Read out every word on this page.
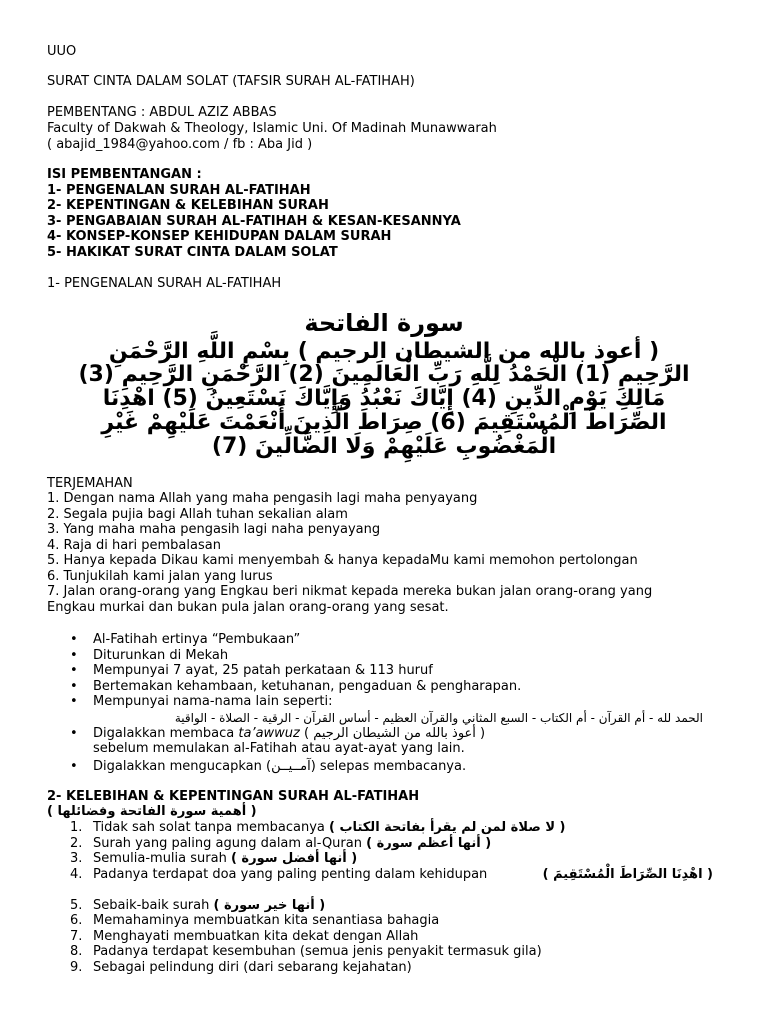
UUO
SURAT CINTA DALAM SOLAT (TAFSIR SURAH AL-FATIHAH)
PEMBENTANG : ABDUL AZIZ ABBAS
Faculty of Dakwah & Theology, Islamic Uni. Of Madinah Munawwarah
( abajid_1984@yahoo.com / fb : Aba Jid )
ISI PEMBENTANGAN :
1- PENGENALAN SURAH AL-FATIHAH
2- KEPENTINGAN & KELEBIHAN SURAH
3- PENGABAIAN SURAH AL-FATIHAH & KESAN-KESANNYA
4- KONSEP-KONSEP KEHIDUPAN DALAM SURAH
5- HAKIKAT SURAT CINTA DALAM SOLAT
1- PENGENALAN SURAH AL-FATIHAH
سورة الفاتحة
( أعوذ بالله من الشيطان الرجيم ) بِسْمِ اللَّهِ الرَّحْمَنِ
الرَّحِيمِ (1) الْحَمْدُ لِلَّهِ رَبِّ الْعَالَمِينَ (2) الرَّحْمَنِ الرَّحِيمِ (3)
مَالِكِ يَوْمِ الدِّينِ (4) إِيَّاكَ نَعْبُدُ وَإِيَّاكَ نَسْتَعِينُ (5) اهْدِنَا
الصِّرَاطَ الْمُسْتَقِيمَ (6) صِرَاطَ الَّذِينَ أَنْعَمْتَ عَلَيْهِمْ غَيْرِ
الْمَغْضُوبِ عَلَيْهِمْ وَلَا الضَّالِّينَ (7)
TERJEMAHAN
1. Dengan nama Allah yang maha pengasih lagi maha penyayang
2. Segala pujia bagi Allah tuhan sekalian alam
3. Yang maha maha pengasih lagi naha penyayang
4. Raja di hari pembalasan
5. Hanya kepada Dikau kami menyembah & hanya kepadaMu kami memohon pertolongan
6. Tunjukilah kami jalan yang lurus
7. Jalan orang-orang yang Engkau beri nikmat kepada mereka bukan jalan orang-orang yang
Engkau murkai dan bukan pula jalan orang-orang yang sesat.
• Al-Fatihah ertinya “Pembukaan”
• Diturunkan di Mekah
• Mempunyai 7 ayat, 25 patah perkataan & 113 huruf
• Bertemakan kehambaan, ketuhanan, pengaduan & pengharapan.
• Mempunyai nama-nama lain seperti:
الحمد لله - أم القرآن - أم الكتاب - السبع المثاني والقرآن العظيم - أساس القرآن - الرقية - الصلاة - الواقية
• Digalakkan membaca ta’awwuz ( أعوذ بالله من الشيطان الرجيم )
sebelum memulakan al-Fatihah atau ayat-ayat yang lain.
• Digalakkan mengucapkan (آمــيــن) selepas membacanya.
2- KELEBIHAN & KEPENTINGAN SURAH AL-FATIHAH
( أهمية سورة الفاتحة وفضائلها )
1. Tidak sah solat tanpa membacanya ( لا صلاة لمن لم يقرأ بفاتحة الكتاب )
2. Surah yang paling agung dalam al-Quran ( أنها أعظم سورة )
3. Semulia-mulia surah ( أنها أفضل سورة )
4. Padanya terdapat doa yang paling penting dalam kehidupan	( اهْدِنَا الصِّرَاطَ الْمُسْتَقِيمَ )
5. Sebaik-baik surah ( أنها خير سورة )
6. Memahaminya membuatkan kita senantiasa bahagia
7. Menghayati membuatkan kita dekat dengan Allah
8. Padanya terdapat kesembuhan (semua jenis penyakit termasuk gila)
9. Sebagai pelindung diri (dari sebarang kejahatan)
